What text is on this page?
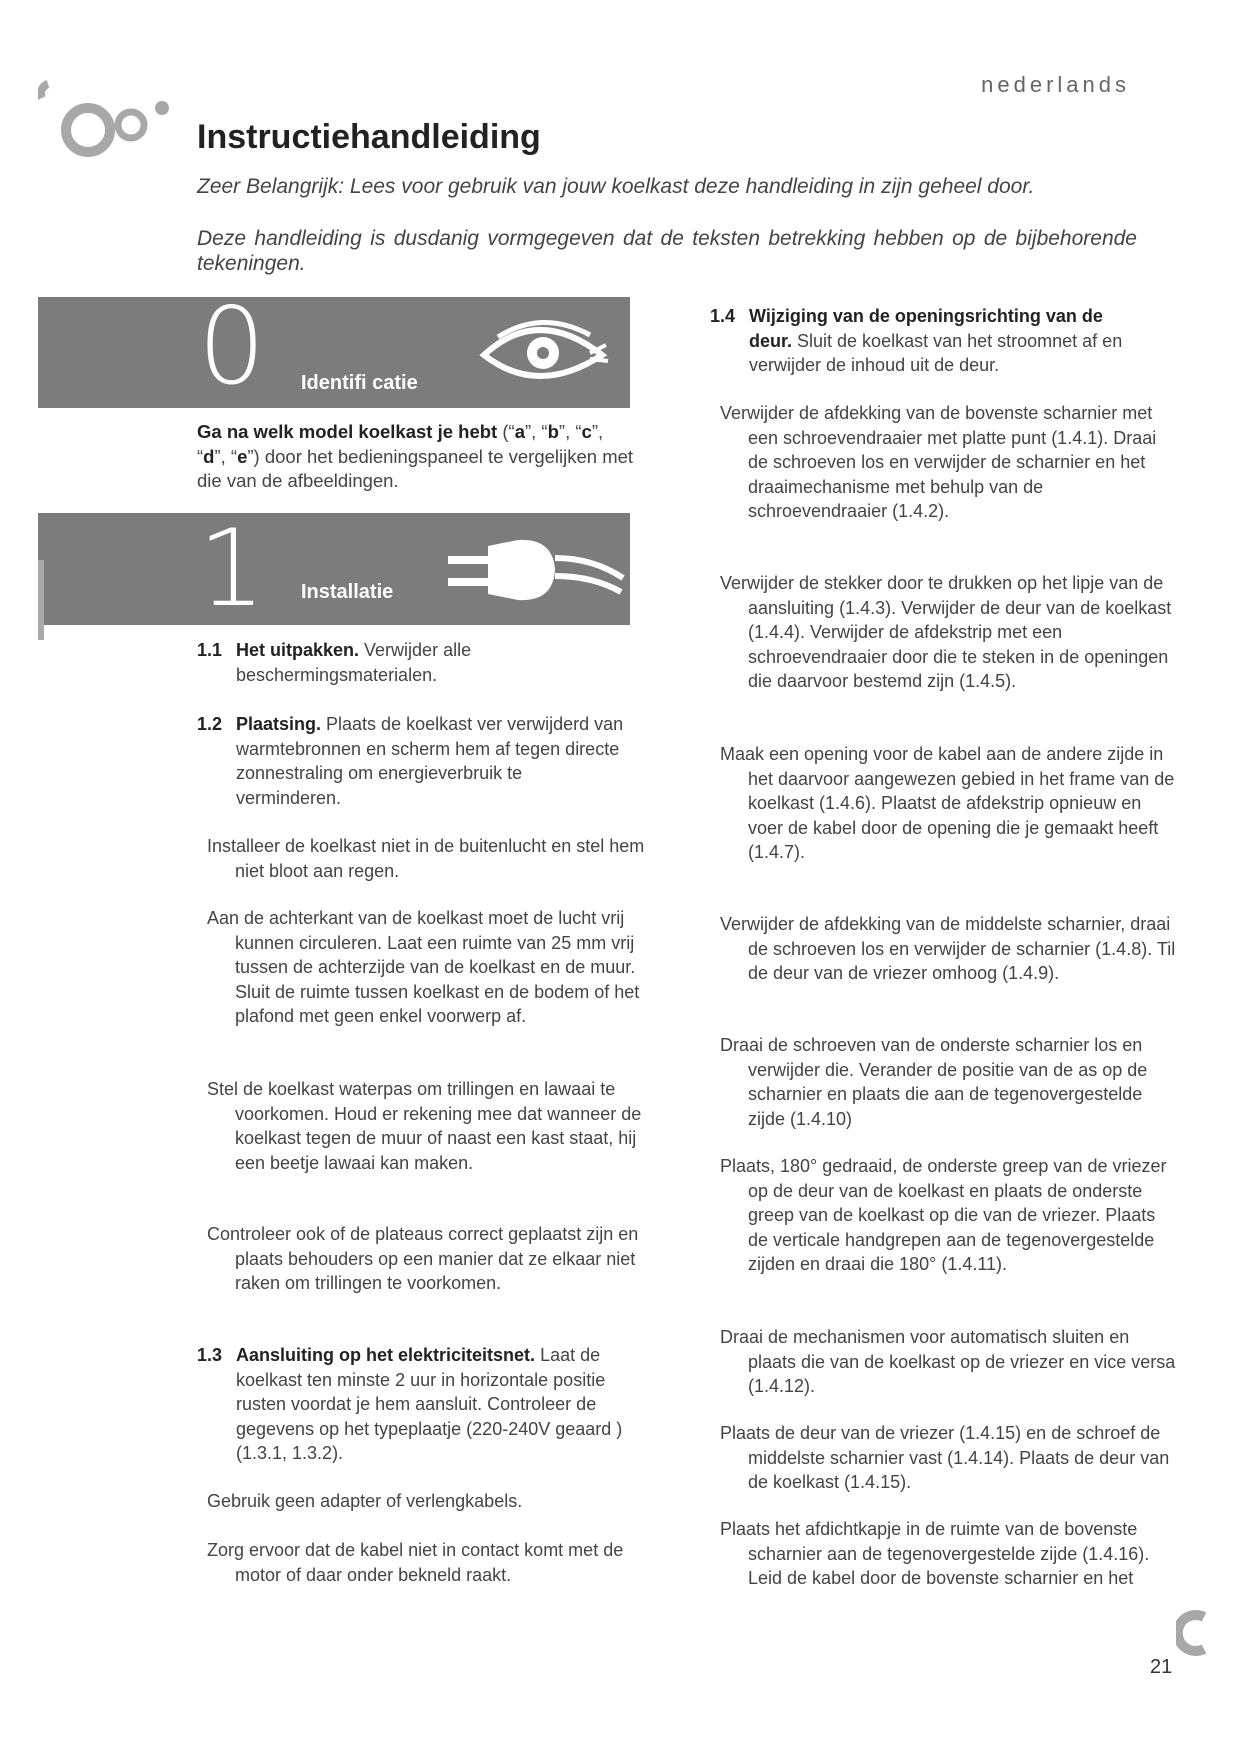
nederlands
Instructiehandleiding
Zeer Belangrijk: Lees voor gebruik van jouw koelkast deze handleiding in zijn geheel door.
Deze handleiding is dusdanig vormgegeven dat de teksten betrekking hebben op de bijbehorende tekeningen.
0 Identifi catie
Ga na welk model koelkast je hebt (“a”, “b”, “c”,
“d”, “e”) door het bedieningspaneel te vergelijken met die van de afbeeldingen.
1 Installatie
1.1 Het uitpakken. Verwijder alle beschermingsmaterialen.
1.2 Plaatsing. Plaats de koelkast ver verwijderd van warmtebronnen en scherm hem af tegen directe zonnestraling om energieverbruik te verminderen.
Installeer de koelkast niet in de buitenlucht en stel hem niet bloot aan regen.
Aan de achterkant van de koelkast moet de lucht vrij kunnen circuleren. Laat een ruimte van 25 mm vrij tussen de achterzijde van de koelkast en de muur. Sluit de ruimte tussen koelkast en de bodem of het plafond met geen enkel voorwerp af.
Stel de koelkast waterpas om trillingen en lawaai te voorkomen. Houd er rekening mee dat wanneer de koelkast tegen de muur of naast een kast staat, hij een beetje lawaai kan maken.
Controleer ook of de plateaus correct geplaatst zijn en plaats behouders op een manier dat ze elkaar niet raken om trillingen te voorkomen.
1.3 Aansluiting op het elektriciteitsnet. Laat de koelkast ten minste 2 uur in horizontale positie rusten voordat je hem aansluit. Controleer de gegevens op het typeplaatje (220-240V geaard ) (1.3.1, 1.3.2).
Gebruik geen adapter of verlengkabels.
Zorg ervoor dat de kabel niet in contact komt met de motor of daar onder bekneld raakt.
1.4 Wijziging van de openingsrichting van de deur. Sluit de koelkast van het stroomnet af en verwijder de inhoud uit de deur.
Verwijder de afdekking van de bovenste scharnier met een schroevendraaier met platte punt (1.4.1). Draai de schroeven los en verwijder de scharnier en het draaimechanisme met behulp van de schroevendraaier (1.4.2).
Verwijder de stekker door te drukken op het lipje van de aansluiting (1.4.3). Verwijder de deur van de koelkast (1.4.4). Verwijder de afdekstrip met een schroevendraaier door die te steken in de openingen die daarvoor bestemd zijn (1.4.5).
Maak een opening voor de kabel aan de andere zijde in het daarvoor aangewezen gebied in het frame van de koelkast (1.4.6). Plaatst de afdekstrip opnieuw en voer de kabel door de opening die je gemaakt heeft (1.4.7).
Verwijder de afdekking van de middelste scharnier, draai de schroeven los en verwijder de scharnier (1.4.8). Til de deur van de vriezer omhoog (1.4.9).
Draai de schroeven van de onderste scharnier los en verwijder die. Verander de positie van de as op de scharnier en plaats die aan de tegenovergestelde zijde (1.4.10)
Plaats, 180° gedraaid, de onderste greep van de vriezer op de deur van de koelkast en plaats de onderste greep van de koelkast op die van de vriezer. Plaats de verticale handgrepen aan de tegenovergestelde zijden en draai die 180° (1.4.11).
Draai de mechanismen voor automatisch sluiten en plaats die van de koelkast op de vriezer en vice versa (1.4.12).
Plaats de deur van de vriezer (1.4.15) en de schroef de middelste scharnier vast (1.4.14). Plaats de deur van de koelkast (1.4.15).
Plaats het afdichtkapje in de ruimte van de bovenste scharnier aan de tegenovergestelde zijde (1.4.16). Leid de kabel door de bovenste scharnier en het
21
